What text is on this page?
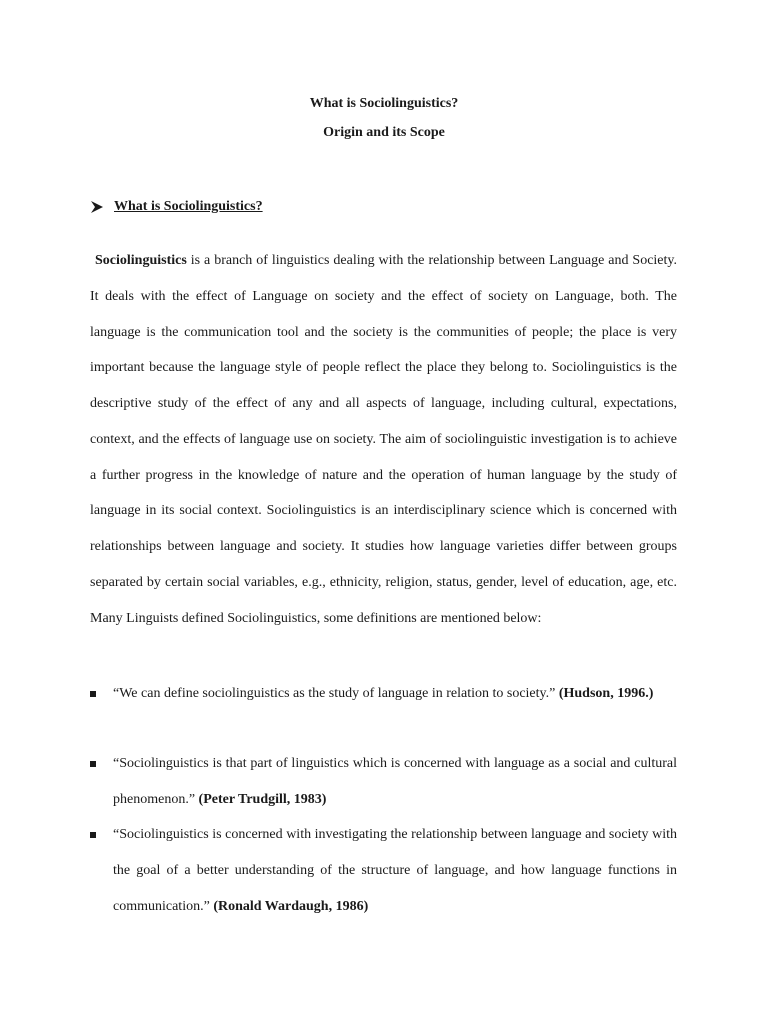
What is Sociolinguistics?
Origin and its Scope
What is Sociolinguistics?

Sociolinguistics is a branch of linguistics dealing with the relationship between Language and Society. It deals with the effect of Language on society and the effect of society on Language, both. The language is the communication tool and the society is the communities of people; the place is very important because the language style of people reflect the place they belong to. Sociolinguistics is the descriptive study of the effect of any and all aspects of language, including cultural, expectations, context, and the effects of language use on society. The aim of sociolinguistic investigation is to achieve a further progress in the knowledge of nature and the operation of human language by the study of language in its social context. Sociolinguistics is an interdisciplinary science which is concerned with relationships between language and society. It studies how language varieties differ between groups separated by certain social variables, e.g., ethnicity, religion, status, gender, level of education, age, etc. Many Linguists defined Sociolinguistics, some definitions are mentioned below:

“We can define sociolinguistics as the study of language in relation to society.” (Hudson, 1996.)
“Sociolinguistics is that part of linguistics which is concerned with language as a social and cultural phenomenon.” (Peter Trudgill, 1983)
“Sociolinguistics is concerned with investigating the relationship between language and society with the goal of a better understanding of the structure of language, and how language functions in communication.” (Ronald Wardaugh, 1986)
